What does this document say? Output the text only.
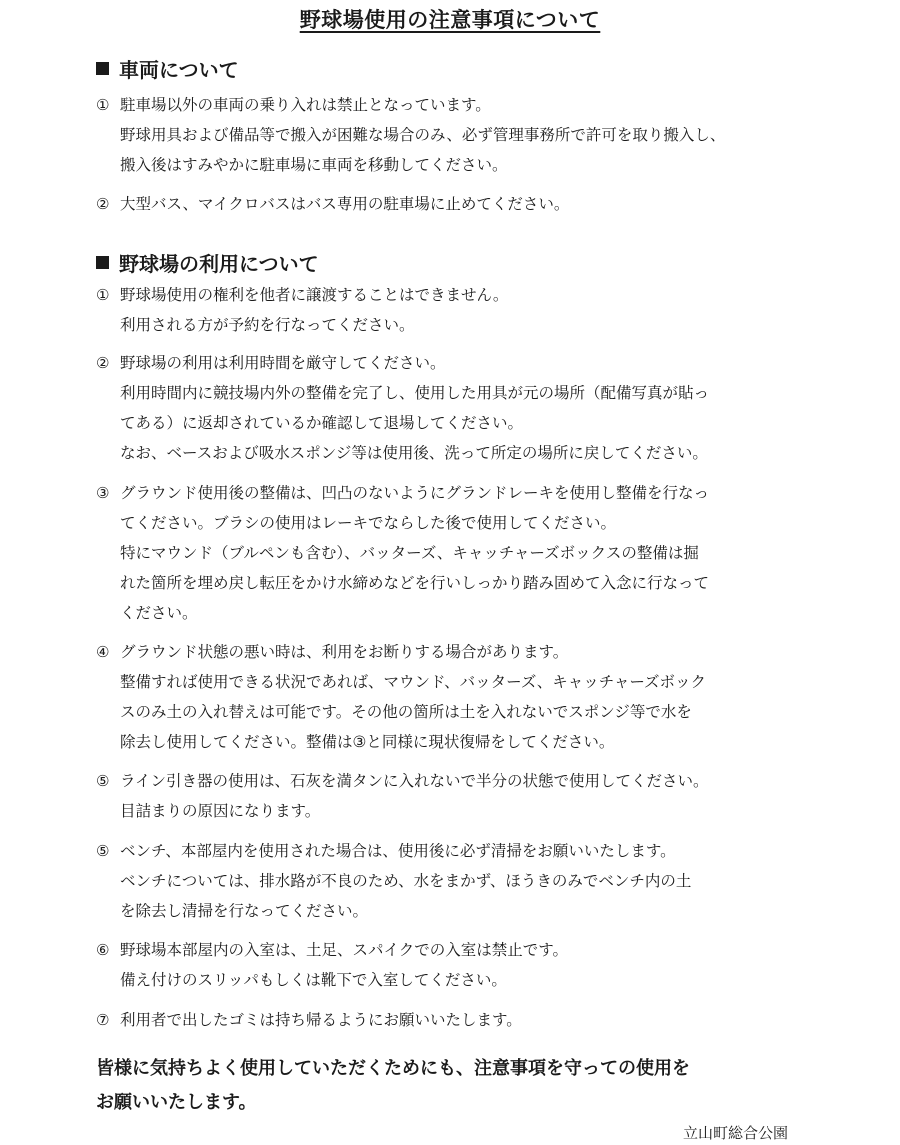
野球場使用の注意事項について
車両について
① 駐車場以外の車両の乗り入れは禁止となっています。
野球用具および備品等で搬入が困難な場合のみ、必ず管理事務所で許可を取り搬入し、
搬入後はすみやかに駐車場に車両を移動してください。
② 大型バス、マイクロバスはバス専用の駐車場に止めてください。
野球場の利用について
① 野球場使用の権利を他者に譲渡することはできません。
利用される方が予約を行なってください。
② 野球場の利用は利用時間を厳守してください。
利用時間内に競技場内外の整備を完了し、使用した用具が元の場所（配備写真が貼っ
てある）に返却されているか確認して退場してください。
なお、ベースおよび吸水スポンジ等は使用後、洗って所定の場所に戻してください。
③ グラウンド使用後の整備は、凹凸のないようにグランドレーキを使用し整備を行なっ
てください。ブラシの使用はレーキでならした後で使用してください。
特にマウンド（ブルペンも含む）、バッターズ、キャッチャーズボックスの整備は掘
れた箇所を埋め戻し転圧をかけ水締めなどを行いしっかり踏み固めて入念に行なって
ください。
④ グラウンド状態の悪い時は、利用をお断りする場合があります。
整備すれば使用できる状況であれば、マウンド、バッターズ、キャッチャーズボック
スのみ土の入れ替えは可能です。その他の箇所は土を入れないでスポンジ等で水を
除去し使用してください。整備は③と同様に現状復帰をしてください。
⑤ ライン引き器の使用は、石灰を満タンに入れないで半分の状態で使用してください。
目詰まりの原因になります。
⑤ ベンチ、本部屋内を使用された場合は、使用後に必ず清掃をお願いいたします。
ベンチについては、排水路が不良のため、水をまかず、ほうきのみでベンチ内の土
を除去し清掃を行なってください。
⑥ 野球場本部屋内の入室は、土足、スパイクでの入室は禁止です。
備え付けのスリッパもしくは靴下で入室してください。
⑦ 利用者で出したゴミは持ち帰るようにお願いいたします。

皆様に気持ちよく使用していただくためにも、注意事項を守っての使用を
お願いいたします。

立山町総合公園
